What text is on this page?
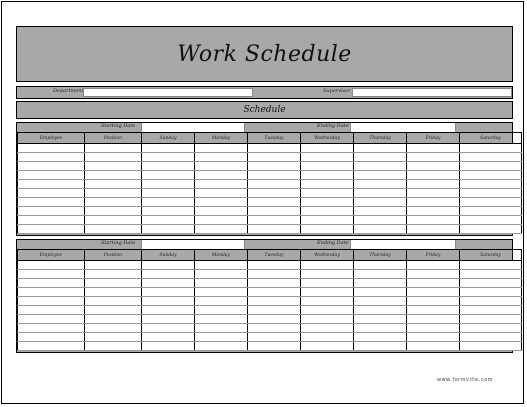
Work Schedule
Department	Supervisor
Schedule
Starting Date	Ending Date
Employee	Position	Sunday	Monday	Tuesday	Wednesday	Thursday	Friday	Saturday

Starting Date	Ending Date
Employee	Position	Sunday	Monday	Tuesday	Wednesday	Thursday	Friday	Saturday

www.formville.com
